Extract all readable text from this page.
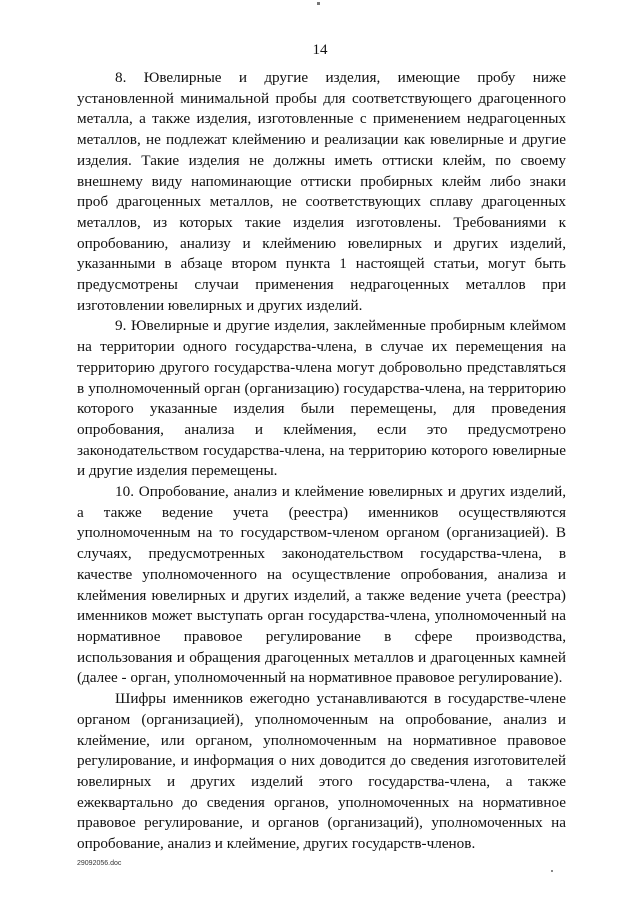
14

8. Ювелирные и другие изделия, имеющие пробу ниже установленной минимальной пробы для соответствующего драгоценного металла, а также изделия, изготовленные с применением недрагоценных металлов, не подлежат клеймению и реализации как ювелирные и другие изделия. Такие изделия не должны иметь оттиски клейм, по своему внешнему виду напоминающие оттиски пробирных клейм либо знаки проб драгоценных металлов, не соответствующих сплаву драгоценных металлов, из которых такие изделия изготовлены. Требованиями к опробованию, анализу и клеймению ювелирных и других изделий, указанными в абзаце втором пункта 1 настоящей статьи, могут быть предусмотрены случаи применения недрагоценных металлов при изготовлении ювелирных и других изделий.

9. Ювелирные и другие изделия, заклейменные пробирным клеймом на территории одного государства-члена, в случае их перемещения на территорию другого государства-члена могут добровольно представляться в уполномоченный орган (организацию) государства-члена, на территорию которого указанные изделия были перемещены, для проведения опробования, анализа и клеймения, если это предусмотрено законодательством государства-члена, на территорию которого ювелирные и другие изделия перемещены.

10. Опробование, анализ и клеймение ювелирных и других изделий, а также ведение учета (реестра) именников осуществляются уполномоченным на то государством-членом органом (организацией). В случаях, предусмотренных законодательством государства-члена, в качестве уполномоченного на осуществление опробования, анализа и клеймения ювелирных и других изделий, а также ведение учета (реестра) именников может выступать орган государства-члена, уполномоченный на нормативное правовое регулирование в сфере производства, использования и обращения драгоценных металлов и драгоценных камней (далее - орган, уполномоченный на нормативное правовое регулирование).

Шифры именников ежегодно устанавливаются в государстве-члене органом (организацией), уполномоченным на опробование, анализ и клеймение, или органом, уполномоченным на нормативное правовое регулирование, и информация о них доводится до сведения изготовителей ювелирных и других изделий этого государства-члена, а также ежеквартально до сведения органов, уполномоченных на нормативное правовое регулирование, и органов (организаций), уполномоченных на опробование, анализ и клеймение, других государств-членов.

29092056.doc
